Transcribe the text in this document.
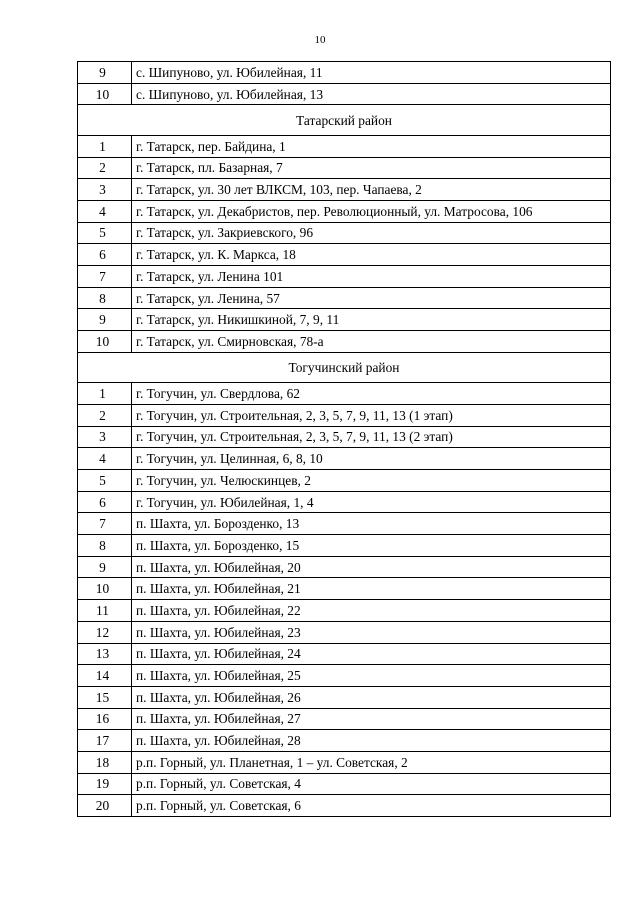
10
9	с. Шипуново, ул. Юбилейная, 11
10	с. Шипуново, ул. Юбилейная, 13
Татарский район	
1	г. Татарск, пер. Байдина, 1
2	г. Татарск, пл. Базарная, 7
3	г. Татарск, ул. 30 лет ВЛКСМ, 103, пер. Чапаева, 2
4	г. Татарск, ул. Декабристов, пер. Революционный, ул. Матросова, 106
5	г. Татарск, ул. Закриевского, 96
6	г. Татарск, ул. К. Маркса, 18
7	г. Татарск, ул. Ленина 101
8	г. Татарск, ул. Ленина, 57
9	г. Татарск, ул. Никишкиной, 7, 9, 11
10	г. Татарск, ул. Смирновская, 78-а
Тогучинский район	
1	г. Тогучин, ул. Свердлова, 62
2	г. Тогучин, ул. Строительная, 2, 3, 5, 7, 9, 11, 13 (1 этап)
3	г. Тогучин, ул. Строительная, 2, 3, 5, 7, 9, 11, 13 (2 этап)
4	г. Тогучин, ул. Целинная, 6, 8, 10
5	г. Тогучин, ул. Челюскинцев, 2
6	г. Тогучин, ул. Юбилейная, 1, 4
7	п. Шахта, ул. Борозденко, 13
8	п. Шахта, ул. Борозденко, 15
9	п. Шахта, ул. Юбилейная, 20
10	п. Шахта, ул. Юбилейная, 21
11	п. Шахта, ул. Юбилейная, 22
12	п. Шахта, ул. Юбилейная, 23
13	п. Шахта, ул. Юбилейная, 24
14	п. Шахта, ул. Юбилейная, 25
15	п. Шахта, ул. Юбилейная, 26
16	п. Шахта, ул. Юбилейная, 27
17	п. Шахта, ул. Юбилейная, 28
18	р.п. Горный, ул. Планетная, 1 – ул. Советская, 2
19	р.п. Горный, ул. Советская, 4
20	р.п. Горный, ул. Советская, 6
